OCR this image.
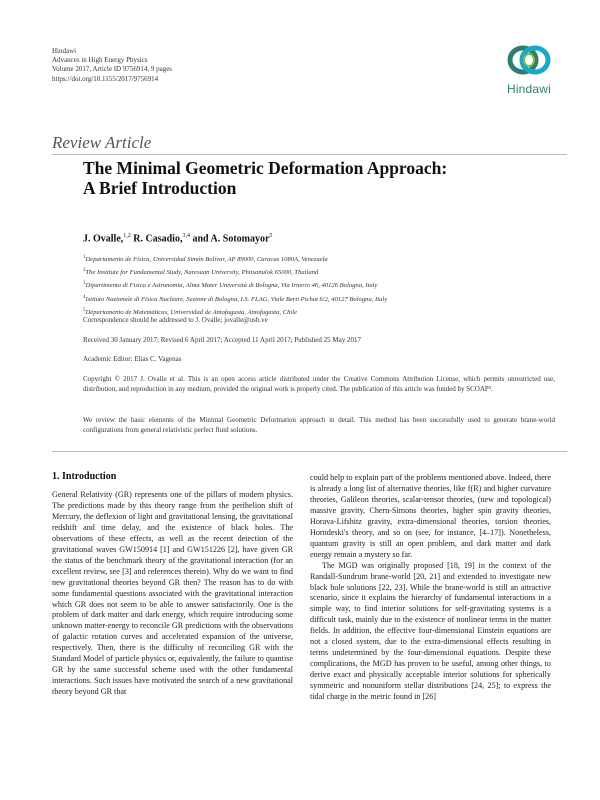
Hindawi
Advances in High Energy Physics
Volume 2017, Article ID 9756914, 9 pages
https://doi.org/10.1155/2017/9756914
Hindawi
Review Article
The Minimal Geometric Deformation Approach:
A Brief Introduction
J. Ovalle,$^{1,2}$ R. Casadio,$^{3,4}$ and A. Sotomayor$^5$
$^1$Departamento de Física, Universidad Simón Bolívar, AP 89000, Caracas 1080A, Venezuela
$^2$The Institute for Fundamental Study, Naresuan University, Phitsanulok 65000, Thailand
$^3$Dipartimento di Fisica e Astronomia, Alma Mater Università di Bologna, Via Irnerio 46, 40126 Bologna, Italy
$^4$Istituto Nazionale di Fisica Nucleare, Sezione di Bologna, I.S. FLAG, Viale Berti Pichat 6/2, 40127 Bologna, Italy
$^5$Departamento de Matemáticas, Universidad de Antofagasta, Antofagasta, Chile
Correspondence should be addressed to J. Ovalle; jovalle@usb.ve
Received 30 January 2017; Revised 6 April 2017; Accepted 11 April 2017; Published 25 May 2017
Academic Editor: Elias C. Vagenas
Copyright © 2017 J. Ovalle et al. This is an open access article distributed under the Creative Commons Attribution License, which permits unrestricted use, distribution, and reproduction in any medium, provided the original work is properly cited. The publication of this article was funded by SCOAP³.
We review the basic elements of the Minimal Geometric Deformation approach in detail. This method has been successfully used to generate brane-world configurations from general relativistic perfect fluid solutions.
1. Introduction

General Relativity (GR) represents one of the pillars of modern physics. The predictions made by this theory range from the perihelion shift of Mercury, the deflexion of light and gravitational lensing, the gravitational redshift and time delay, and the existence of black holes. The observations of these effects, as well as the recent detection of the gravitational waves GW150914 [1] and GW151226 [2], have given GR the status of the benchmark theory of the gravitational interaction (for an excellent review, see [3] and references therein). Why do we want to find new gravitational theories beyond GR then? The reason has to do with some fundamental questions associated with the gravitational interaction which GR does not seem to be able to answer satisfactorily. One is the problem of dark matter and dark energy, which require introducing some unknown matter-energy to reconcile GR predictions with the observations of galactic rotation curves and accelerated expansion of the universe, respectively. Then, there is the difficulty of reconciling GR with the Standard Model of particle physics or, equivalently, the failure to quantise GR by the same successful scheme used with the other fundamental interactions. Such issues have motivated the search of a new gravitational theory beyond GR that

could help to explain part of the problems mentioned above. Indeed, there is already a long list of alternative theories, like f(R) and higher curvature theories, Galileon theories, scalar-tensor theories, (new and topological) massive gravity, Chern-Simons theories, higher spin gravity theories, Horava-Lifshitz gravity, extra-dimensional theories, torsion theories, Horndeski's theory, and so on (see, for instance, [4–17]). Nonetheless, quantum gravity is still an open problem, and dark matter and dark energy remain a mystery so far.

The MGD was originally proposed [18, 19] in the context of the Randall-Sundrum brane-world [20, 21] and extended to investigate new black hole solutions [22, 23]. While the brane-world is still an attractive scenario, since it explains the hierarchy of fundamental interactions in a simple way, to find interior solutions for self-gravitating systems is a difficult task, mainly due to the existence of nonlinear terms in the matter fields. In addition, the effective four-dimensional Einstein equations are not a closed system, due to the extra-dimensional effects resulting in terms undetermined by the four-dimensional equations. Despite these complications, the MGD has proven to be useful, among other things, to derive exact and physically acceptable interior solutions for spherically symmetric and nonuniform stellar distributions [24, 25]; to express the tidal charge in the metric found in [26]
